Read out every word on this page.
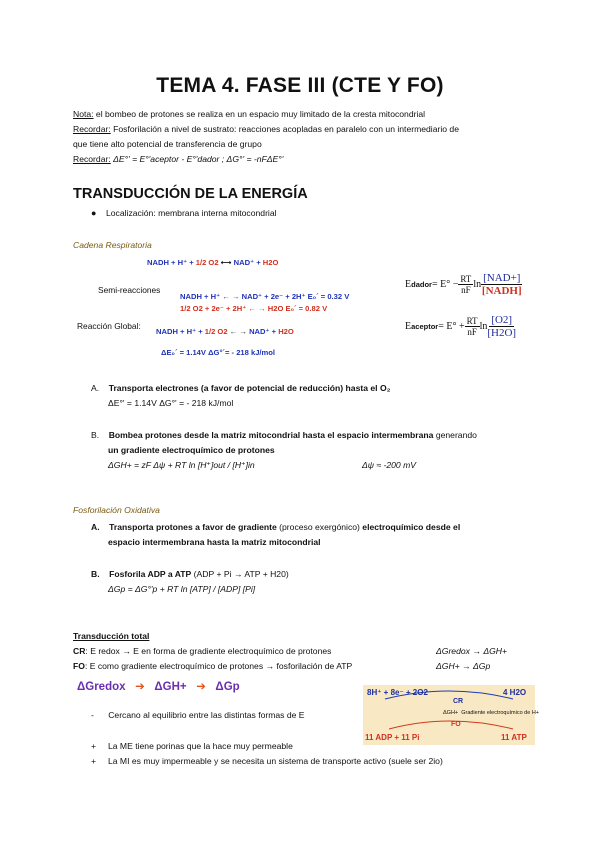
TEMA 4. FASE III (CTE Y FO)
Nota: el bombeo de protones se realiza en un espacio muy limitado de la cresta mitocondrial
Recordar: Fosforilación a nivel de sustrato: reacciones acopladas en paralelo con un intermediario de
que tiene alto potencial de transferencia de grupo
Recordar: ΔE°' = E°'aceptor - E°'dador ; ΔG°' = -nFΔE°'
TRANSDUCCIÓN DE LA ENERGÍA
● Localización: membrana interna mitocondrial
Cadena Respiratoria
NADH + H⁺ + 1/2 O2 ⟷ NAD⁺ + H2O
Semi-reacciones
NADH + H⁺ ← → NAD⁺ + 2e⁻ + 2H⁺ E₀´ = 0.32 V
1/2 O2 + 2e⁻ + 2H⁺ ← → H2O E₀´ = 0.82 V
Reacción Global:
NADH + H⁺ + 1/2 O2 ← → NAD⁺ + H2O
ΔE₀´ = 1.14V ΔG°´= - 218 kJ/mol
E dador = $E^\circ - \frac{RT}{nF}$ $\ln \frac{\text{[NAD+]}}{\text{[NADH]}}$
E aceptor = $E^\circ + \frac{RT}{nF}$ $\ln \frac{[O2]}{[H2O]}$
A. Transporta electrones (a favor de potencial de reducción) hasta el O₂
ΔE°' = 1.14V ΔG°' = - 218 kJ/mol
B. Bombea protones desde la matriz mitocondrial hasta el espacio intermembrana generando
un gradiente electroquímico de protones
ΔGH+ = zF Δψ + RT ln [H⁺]out / [H⁺]in	Δψ ≈ -200 mV
Fosforilación Oxidativa
A. Transporta protones a favor de gradiente (proceso exergónico) electroquímico desde el
espacio intermembrana hasta la matriz mitocondrial
B. Fosforila ADP a ATP (ADP + Pi → ATP + H20)
ΔGp = ΔG°'p + RT ln [ATP] / [ADP] [Pi]
Transducción total
CR: E redox → E en forma de gradiente electroquímico de protones	ΔGredox → ΔGH+
FO: E como gradiente electroquímico de protones → fosforilación de ATP	ΔGH+ → ΔGp
ΔGredox ➔ ΔGH+ ➔ ΔGp
- Cercano al equilibrio entre las distintas formas de E
+ La ME tiene porinas que la hace muy permeable
+ La MI es muy impermeable y se necesita un sistema de transporte activo (suele ser 2io)
8H⁺ + 8e⁻ + 2O2	4 H2O
CR
ΔGH+ Gradiente electroquímico de H+
FO
11 ADP + 11 Pi	11 ATP
